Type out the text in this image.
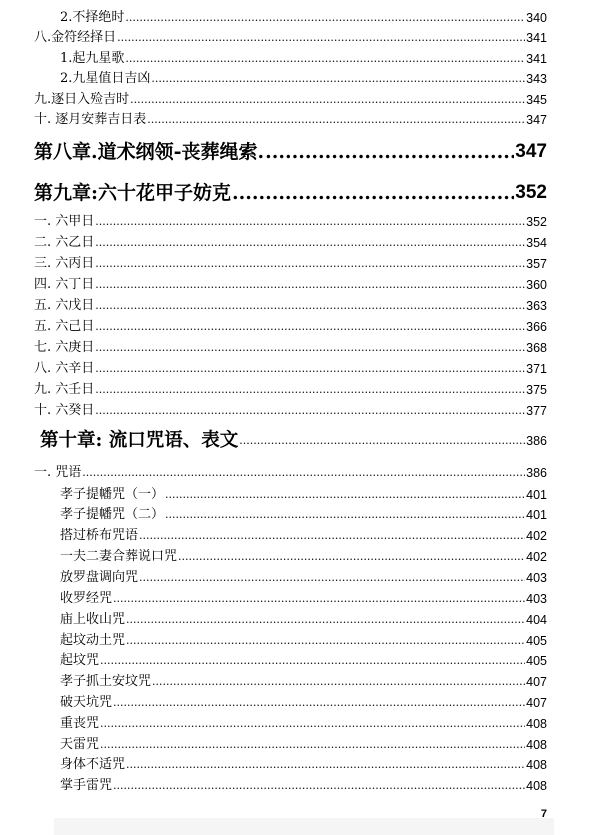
2.不择绝时 .....	340
八.金符经择日 .....	341
1.起九星歌 .....	341
2.九星值日吉凶 .....	343
九.逐日入殓吉时 .....	345
十. 逐月安葬吉日表 .....	347
第八章.道术纲领-丧葬绳索. .....	347
第九章:六十花甲子妨克 .....	352
一. 六甲日 .....	352
二. 六乙日 .....	354
三. 六丙日 .....	357
四. 六丁日 .....	360
五. 六戊日 .....	363
五. 六己日 .....	366
七. 六庚日 .....	368
八. 六辛日 .....	371
九. 六壬日 .....	375
十. 六癸日 .....	377
第十章: 流口咒语、表文 .....	386
一. 咒语 .....	386
孝子提幡咒（一） .....	401
孝子提幡咒（二） .....	401
搭过桥布咒语 .....	402
一夫二妻合葬说口咒 .....	402
放罗盘调向咒 .....	403
收罗经咒 .....	403
庙上收山咒 .....	404
起坟动土咒 .....	405
起坟咒 .....	405
孝子抓土安坟咒 .....	407
破天坑咒 .....	407
重丧咒 .....	408
天雷咒 .....	408
身体不适咒 .....	408
掌手雷咒 .....	408
7
